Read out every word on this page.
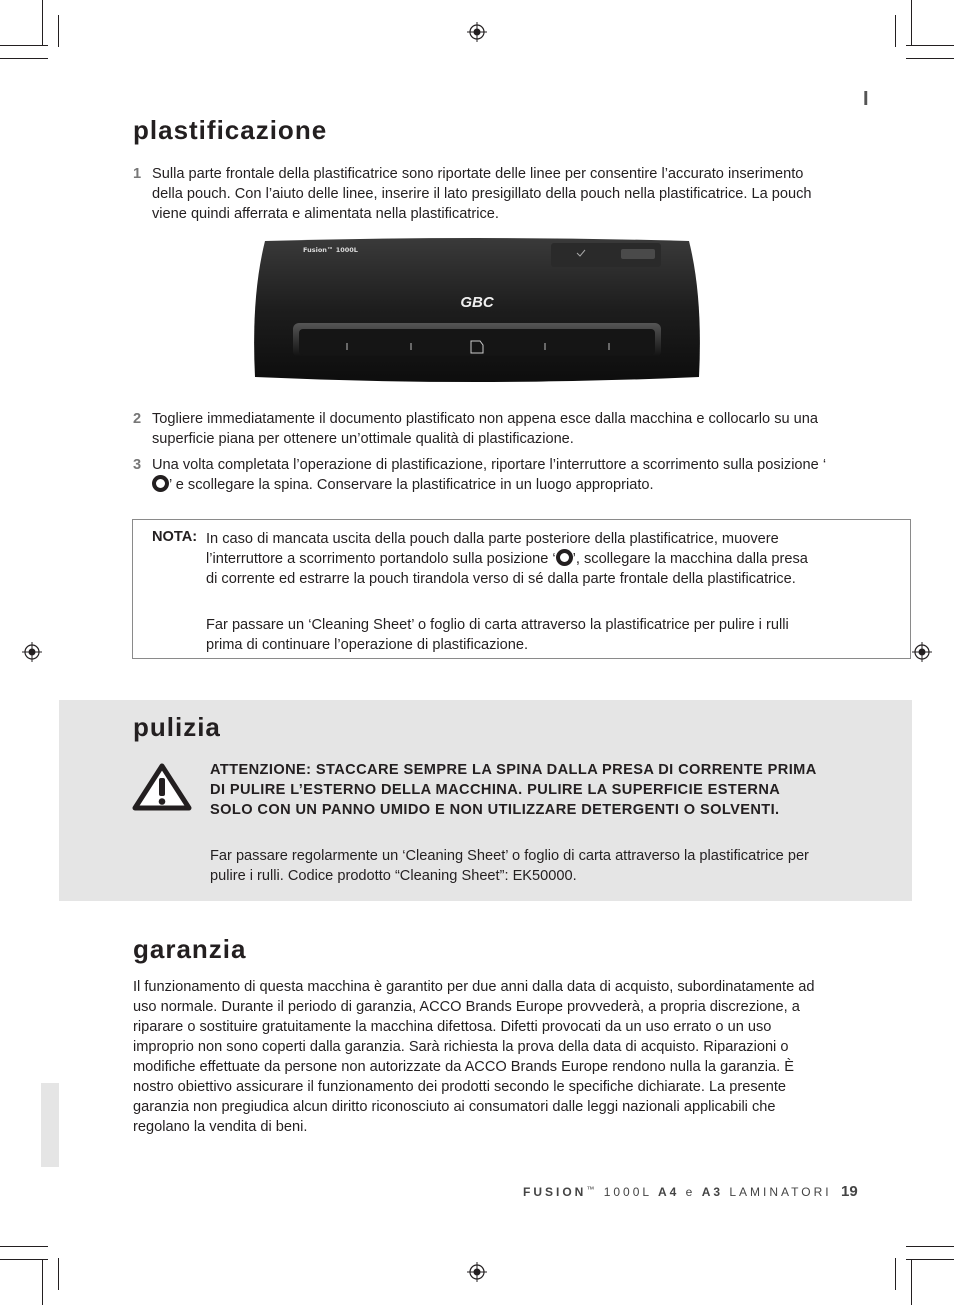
I
plastificazione
1 Sulla parte frontale della plastificatrice sono riportate delle linee per consentire l’accurato inserimento della pouch. Con l’aiuto delle linee, inserire il lato presigillato della pouch nella plastificatrice. La pouch viene quindi afferrata e alimentata nella plastificatrice.
Fusion™ 1000L
GBC
2 Togliere immediatamente il documento plastificato non appena esce dalla macchina e collocarlo su una superficie piana per ottenere un’ottimale qualità di plastificazione.
3 Una volta completata l’operazione di plastificazione, riportare l’interruttore a scorrimento sulla posizione ‘’ e scollegare la spina. Conservare la plastificatrice in un luogo appropriato.
NOTA: In caso di mancata uscita della pouch dalla parte posteriore della plastificatrice, muovere l’interruttore a scorrimento portandolo sulla posizione ‘ ’, scollegare la macchina dalla presa di corrente ed estrarre la pouch tirandola verso di sé dalla parte frontale della plastificatrice.
Far passare un ‘Cleaning Sheet’ o foglio di carta attraverso la plastificatrice per pulire i rulli prima di continuare l’operazione di plastificazione.
pulizia
ATTENZIONE: STACCARE SEMPRE LA SPINA DALLA PRESA DI CORRENTE PRIMA DI PULIRE L’ESTERNO DELLA MACCHINA. PULIRE LA SUPERFICIE ESTERNA SOLO CON UN PANNO UMIDO E NON UTILIZZARE DETERGENTI O SOLVENTI.
Far passare regolarmente un ‘Cleaning Sheet’ o foglio di carta attraverso la plastificatrice per pulire i rulli. Codice prodotto “Cleaning Sheet”: EK50000.
garanzia
Il funzionamento di questa macchina è garantito per due anni dalla data di acquisto, subordinatamente ad uso normale. Durante il periodo di garanzia, ACCO Brands Europe provvederà, a propria discrezione, a riparare o sostituire gratuitamente la macchina difettosa. Difetti provocati da un uso errato o un uso improprio non sono coperti dalla garanzia. Sarà richiesta la prova della data di acquisto. Riparazioni o modifiche effettuate da persone non autorizzate da ACCO Brands Europe rendono nulla la garanzia. È nostro obiettivo assicurare il funzionamento dei prodotti secondo le specifiche dichiarate. La presente garanzia non pregiudica alcun diritto riconosciuto ai consumatori dalle leggi nazionali applicabili che regolano la vendita di beni.
FUSION™ 1000L A4 e A3 LAMINATORI 19
